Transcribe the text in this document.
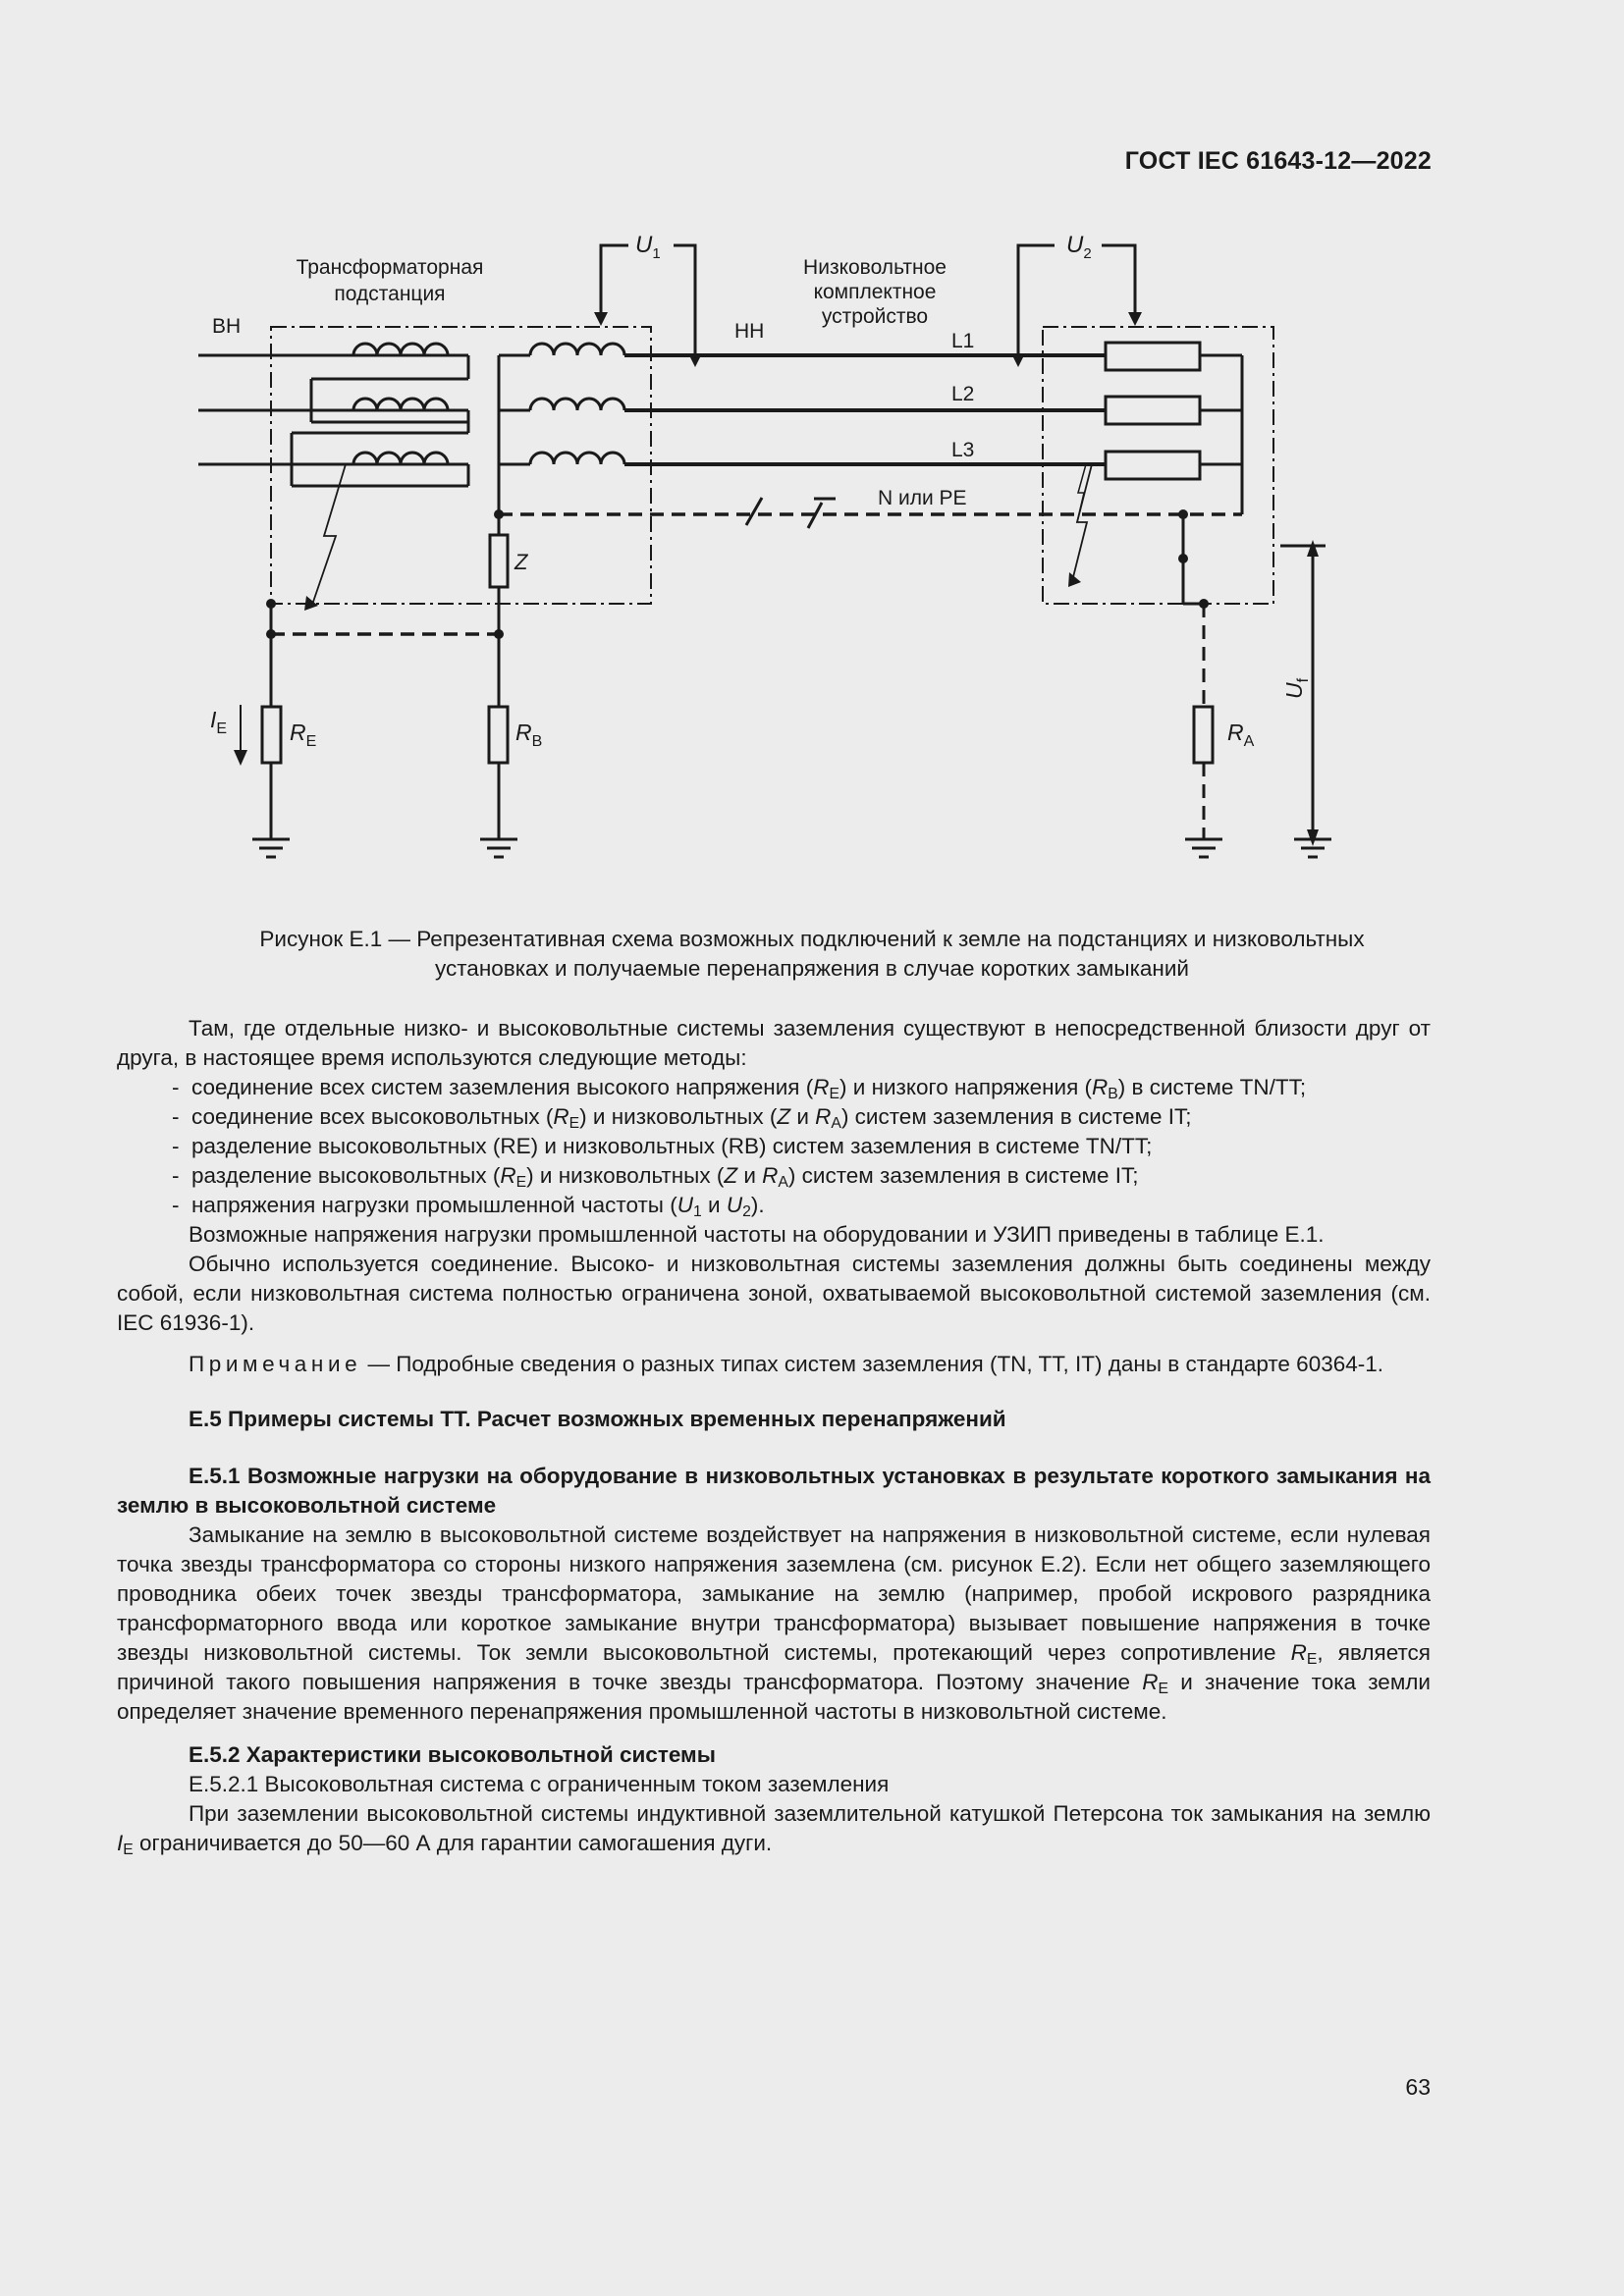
ГОСТ IEC 61643-12—2022
Трансформаторная
подстанция
ВН	НН
Низковольтное
комплектное
устройство
L1
L2
L3
N или PE
$U_1$	$U_2$
Z
$I_E$	$R_E$	$R_B$	$R_A$
$U_f$
Рисунок E.1 — Репрезентативная схема возможных подключений к земле на подстанциях и низковольтных
установках и получаемые перенапряжения в случае коротких замыканий

Там, где отдельные низко- и высоковольтные системы заземления существуют в непосредственной близости друг от друга, в настоящее время используются следующие методы:

-  соединение всех систем заземления высокого напряжения $(R_E)$ и низкого напряжения $(R_B)$ в системе TN/TT;

-  соединение всех высоковольтных $(R_E)$ и низковольтных (Z и $R_A$) систем заземления в системе IT;

-  разделение высоковольтных (RE) и низковольтных (RB) систем заземления в системе TN/TT;

-  разделение высоковольтных $(R_E)$ и низковольтных (Z и $R_A$) систем заземления в системе IT;

-  напряжения нагрузки промышленной частоты ($U_1$ и $U_2$).

Возможные напряжения нагрузки промышленной частоты на оборудовании и УЗИП приведены в таблице E.1.

Обычно используется соединение. Высоко- и низковольтная системы заземления должны быть соединены между собой, если низковольтная система полностью ограничена зоной, охватываемой высоковольтной системой заземления (см. IEC 61936-1).

Примечание — Подробные сведения о разных типах систем заземления (TN, TT, IT) даны в стандарте 60364-1.

E.5 Примеры системы TT. Расчет возможных временных перенапряжений

E.5.1 Возможные нагрузки на оборудование в низковольтных установках в результате короткого замыкания на землю в высоковольтной системе

Замыкание на землю в высоковольтной системе воздействует на напряжения в низковольтной системе, если нулевая точка звезды трансформатора со стороны низкого напряжения заземлена (см. рисунок E.2). Если нет общего заземляющего проводника обеих точек звезды трансформатора, замыкание на землю (например, пробой искрового разрядника трансформаторного ввода или короткое замыкание внутри трансформатора) вызывает повышение напряжения в точке звезды низковольтной системы. Ток земли высоковольтной системы, протекающий через сопротивление $R_E$, является причиной такого повышения напряжения в точке звезды трансформатора. Поэтому значение $R_E$ и значение тока земли определяет значение временного перенапряжения промышленной частоты в низковольтной системе.

E.5.2 Характеристики высоковольтной системы

E.5.2.1 Высоковольтная система с ограниченным током заземления

При заземлении высоковольтной системы индуктивной заземлительной катушкой Петерсона ток замыкания на землю $I_E$ ограничивается до 50—60 А для гарантии самогашения дуги.

63
